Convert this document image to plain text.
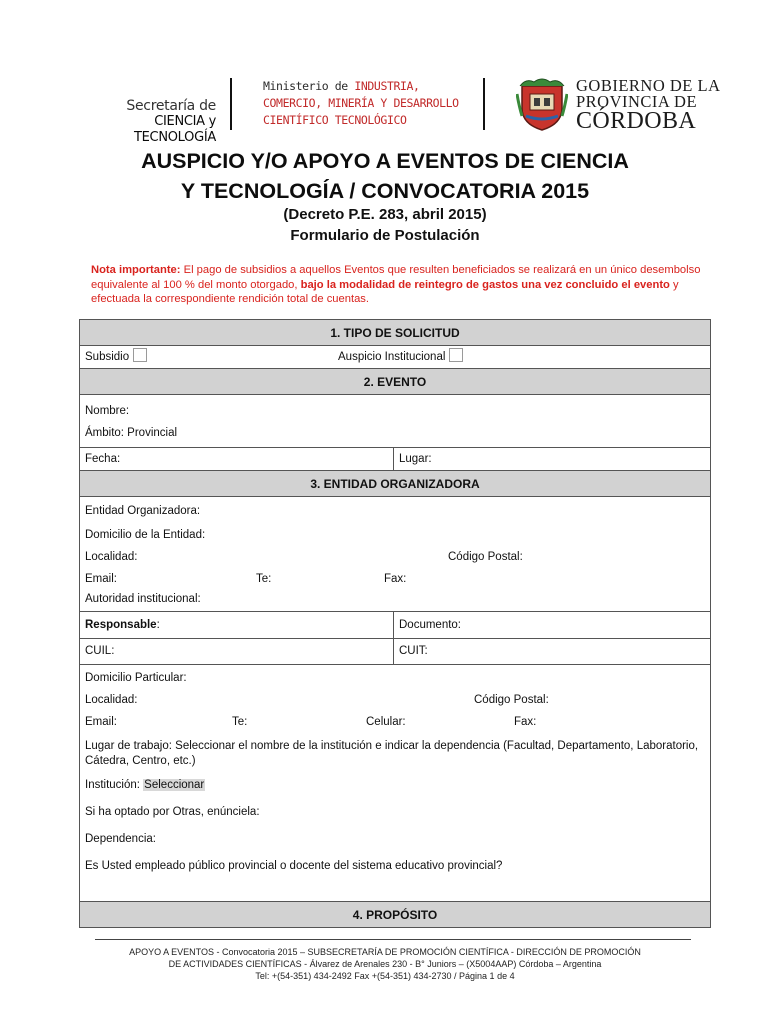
Secretaría de
CIENCIA y TECNOLOGÍA
Ministerio de INDUSTRIA,
COMERCIO, MINERÍA Y DESARROLLO
CIENTÍFICO TECNOLÓGICO
GOBIERNO DE LA
PROVINCIA DE
CÓRDOBA
AUSPICIO Y/O APOYO A EVENTOS DE CIENCIA
Y TECNOLOGÍA / CONVOCATORIA 2015
(Decreto P.E. 283, abril 2015)
Formulario de Postulación
Nota importante: El pago de subsidios a aquellos Eventos que resulten beneficiados se realizará en un único desembolso equivalente al 100 % del monto otorgado, bajo la modalidad de reintegro de gastos una vez concluido el evento y efectuada la correspondiente rendición total de cuentas.
1. TIPO DE SOLICITUD
Subsidio	Auspicio Institucional
2. EVENTO
Nombre:
Ámbito: Provincial
Fecha:	Lugar:
3. ENTIDAD ORGANIZADORA
Entidad Organizadora:
Domicilio de la Entidad:
Localidad:	Código Postal:
Email:	Te:	Fax:
Autoridad institucional:
Responsable:	Documento:
CUIL:	CUIT:
Domicilio Particular:
Localidad:	Código Postal:
Email:	Te:	Celular:	Fax:
Lugar de trabajo: Seleccionar el nombre de la institución e indicar la dependencia (Facultad, Departamento, Laboratorio, Cátedra, Centro, etc.)
Institución: Seleccionar
Si ha optado por Otras, enúnciela:
Dependencia:
Es Usted empleado público provincial o docente del sistema educativo provincial?
4. PROPÓSITO
APOYO A EVENTOS - Convocatoria 2015 – SUBSECRETARÍA DE PROMOCIÓN CIENTÍFICA - DIRECCIÓN DE PROMOCIÓN
DE ACTIVIDADES CIENTÍFICAS - Álvarez de Arenales 230 - B° Juniors – (X5004AAP) Córdoba – Argentina
Tel: +(54-351) 434-2492 Fax +(54-351) 434-2730 / Página 1 de 4
